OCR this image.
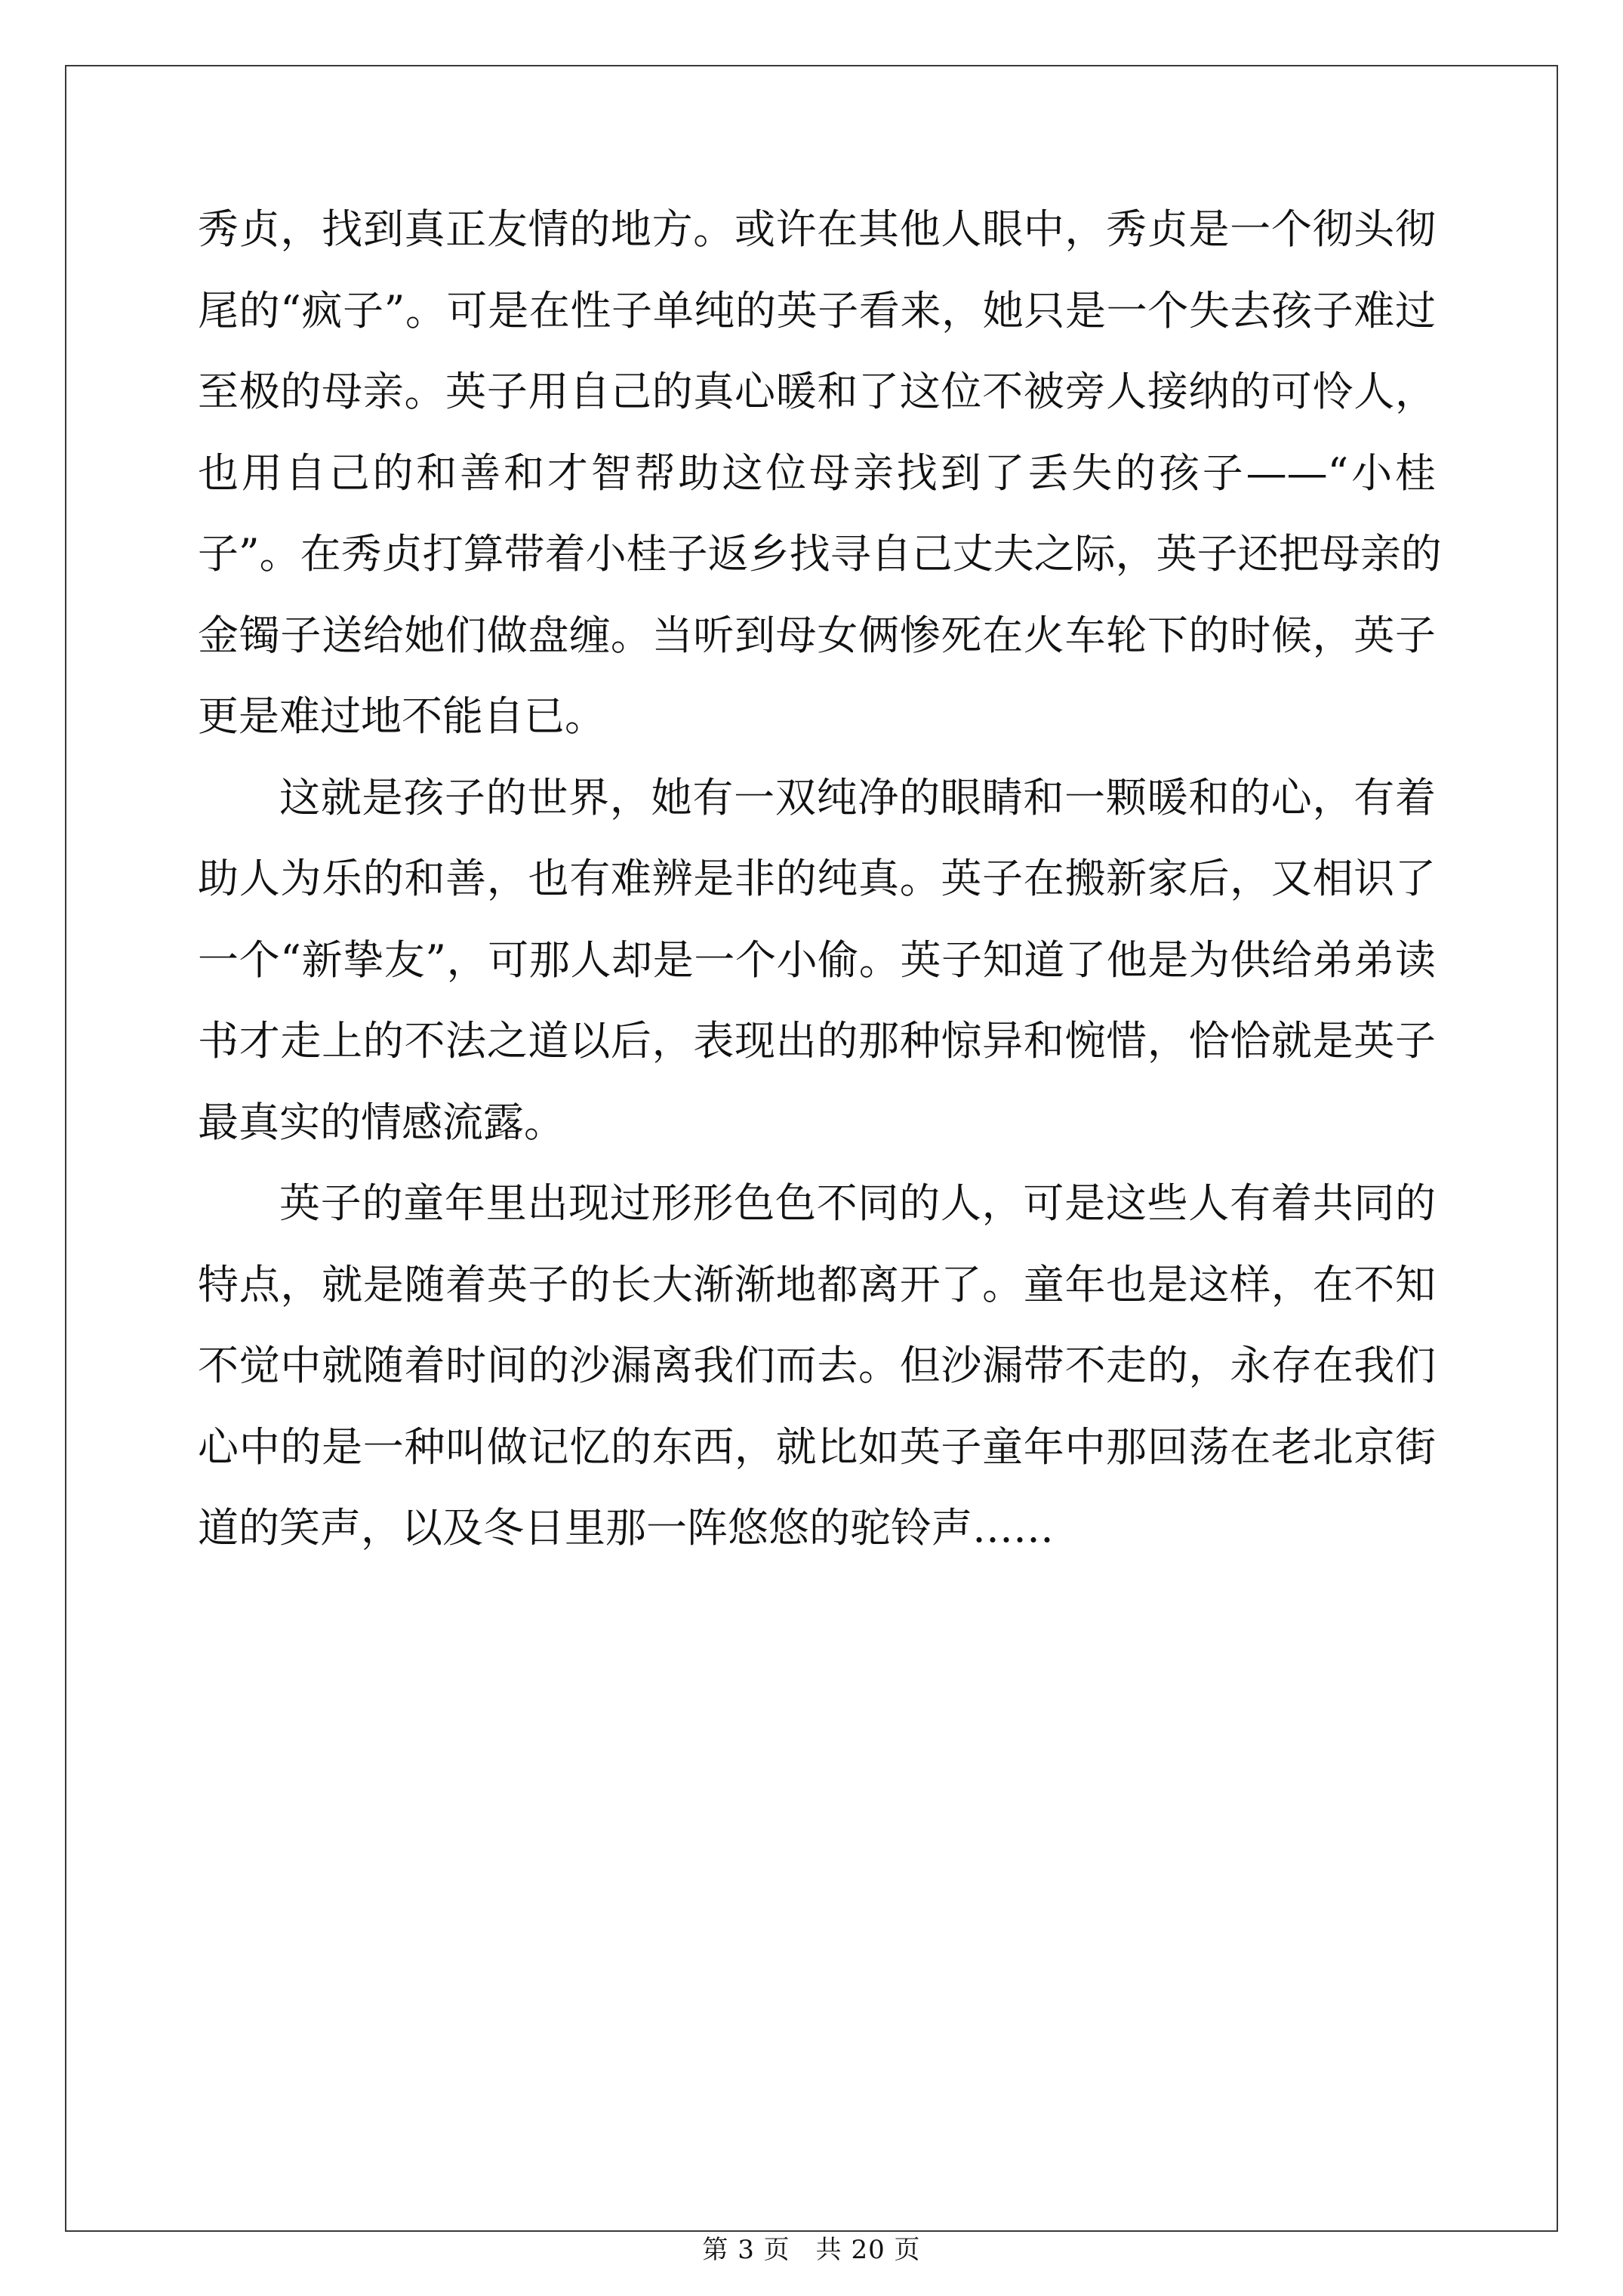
秀贞，找到真正友情的地方。或许在其他人眼中，秀贞是一个彻头彻
尾的“疯子”。可是在性子单纯的英子看来，她只是一个失去孩子难过
至极的母亲。英子用自己的真心暖和了这位不被旁人接纳的可怜人，
也用自己的和善和才智帮助这位母亲找到了丢失的孩子——“小桂
子”。在秀贞打算带着小桂子返乡找寻自己丈夫之际，英子还把母亲的
金镯子送给她们做盘缠。当听到母女俩惨死在火车轮下的时候，英子
更是难过地不能自已。
这就是孩子的世界，她有一双纯净的眼睛和一颗暖和的心，有着
助人为乐的和善，也有难辨是非的纯真。英子在搬新家后，又相识了
一个“新挚友”，可那人却是一个小偷。英子知道了他是为供给弟弟读
书才走上的不法之道以后，表现出的那种惊异和惋惜，恰恰就是英子
最真实的情感流露。
英子的童年里出现过形形色色不同的人，可是这些人有着共同的
特点，就是随着英子的长大渐渐地都离开了。童年也是这样，在不知
不觉中就随着时间的沙漏离我们而去。但沙漏带不走的，永存在我们
心中的是一种叫做记忆的东西，就比如英子童年中那回荡在老北京街
道的笑声，以及冬日里那一阵悠悠的驼铃声……
第 3 页 共 20 页
